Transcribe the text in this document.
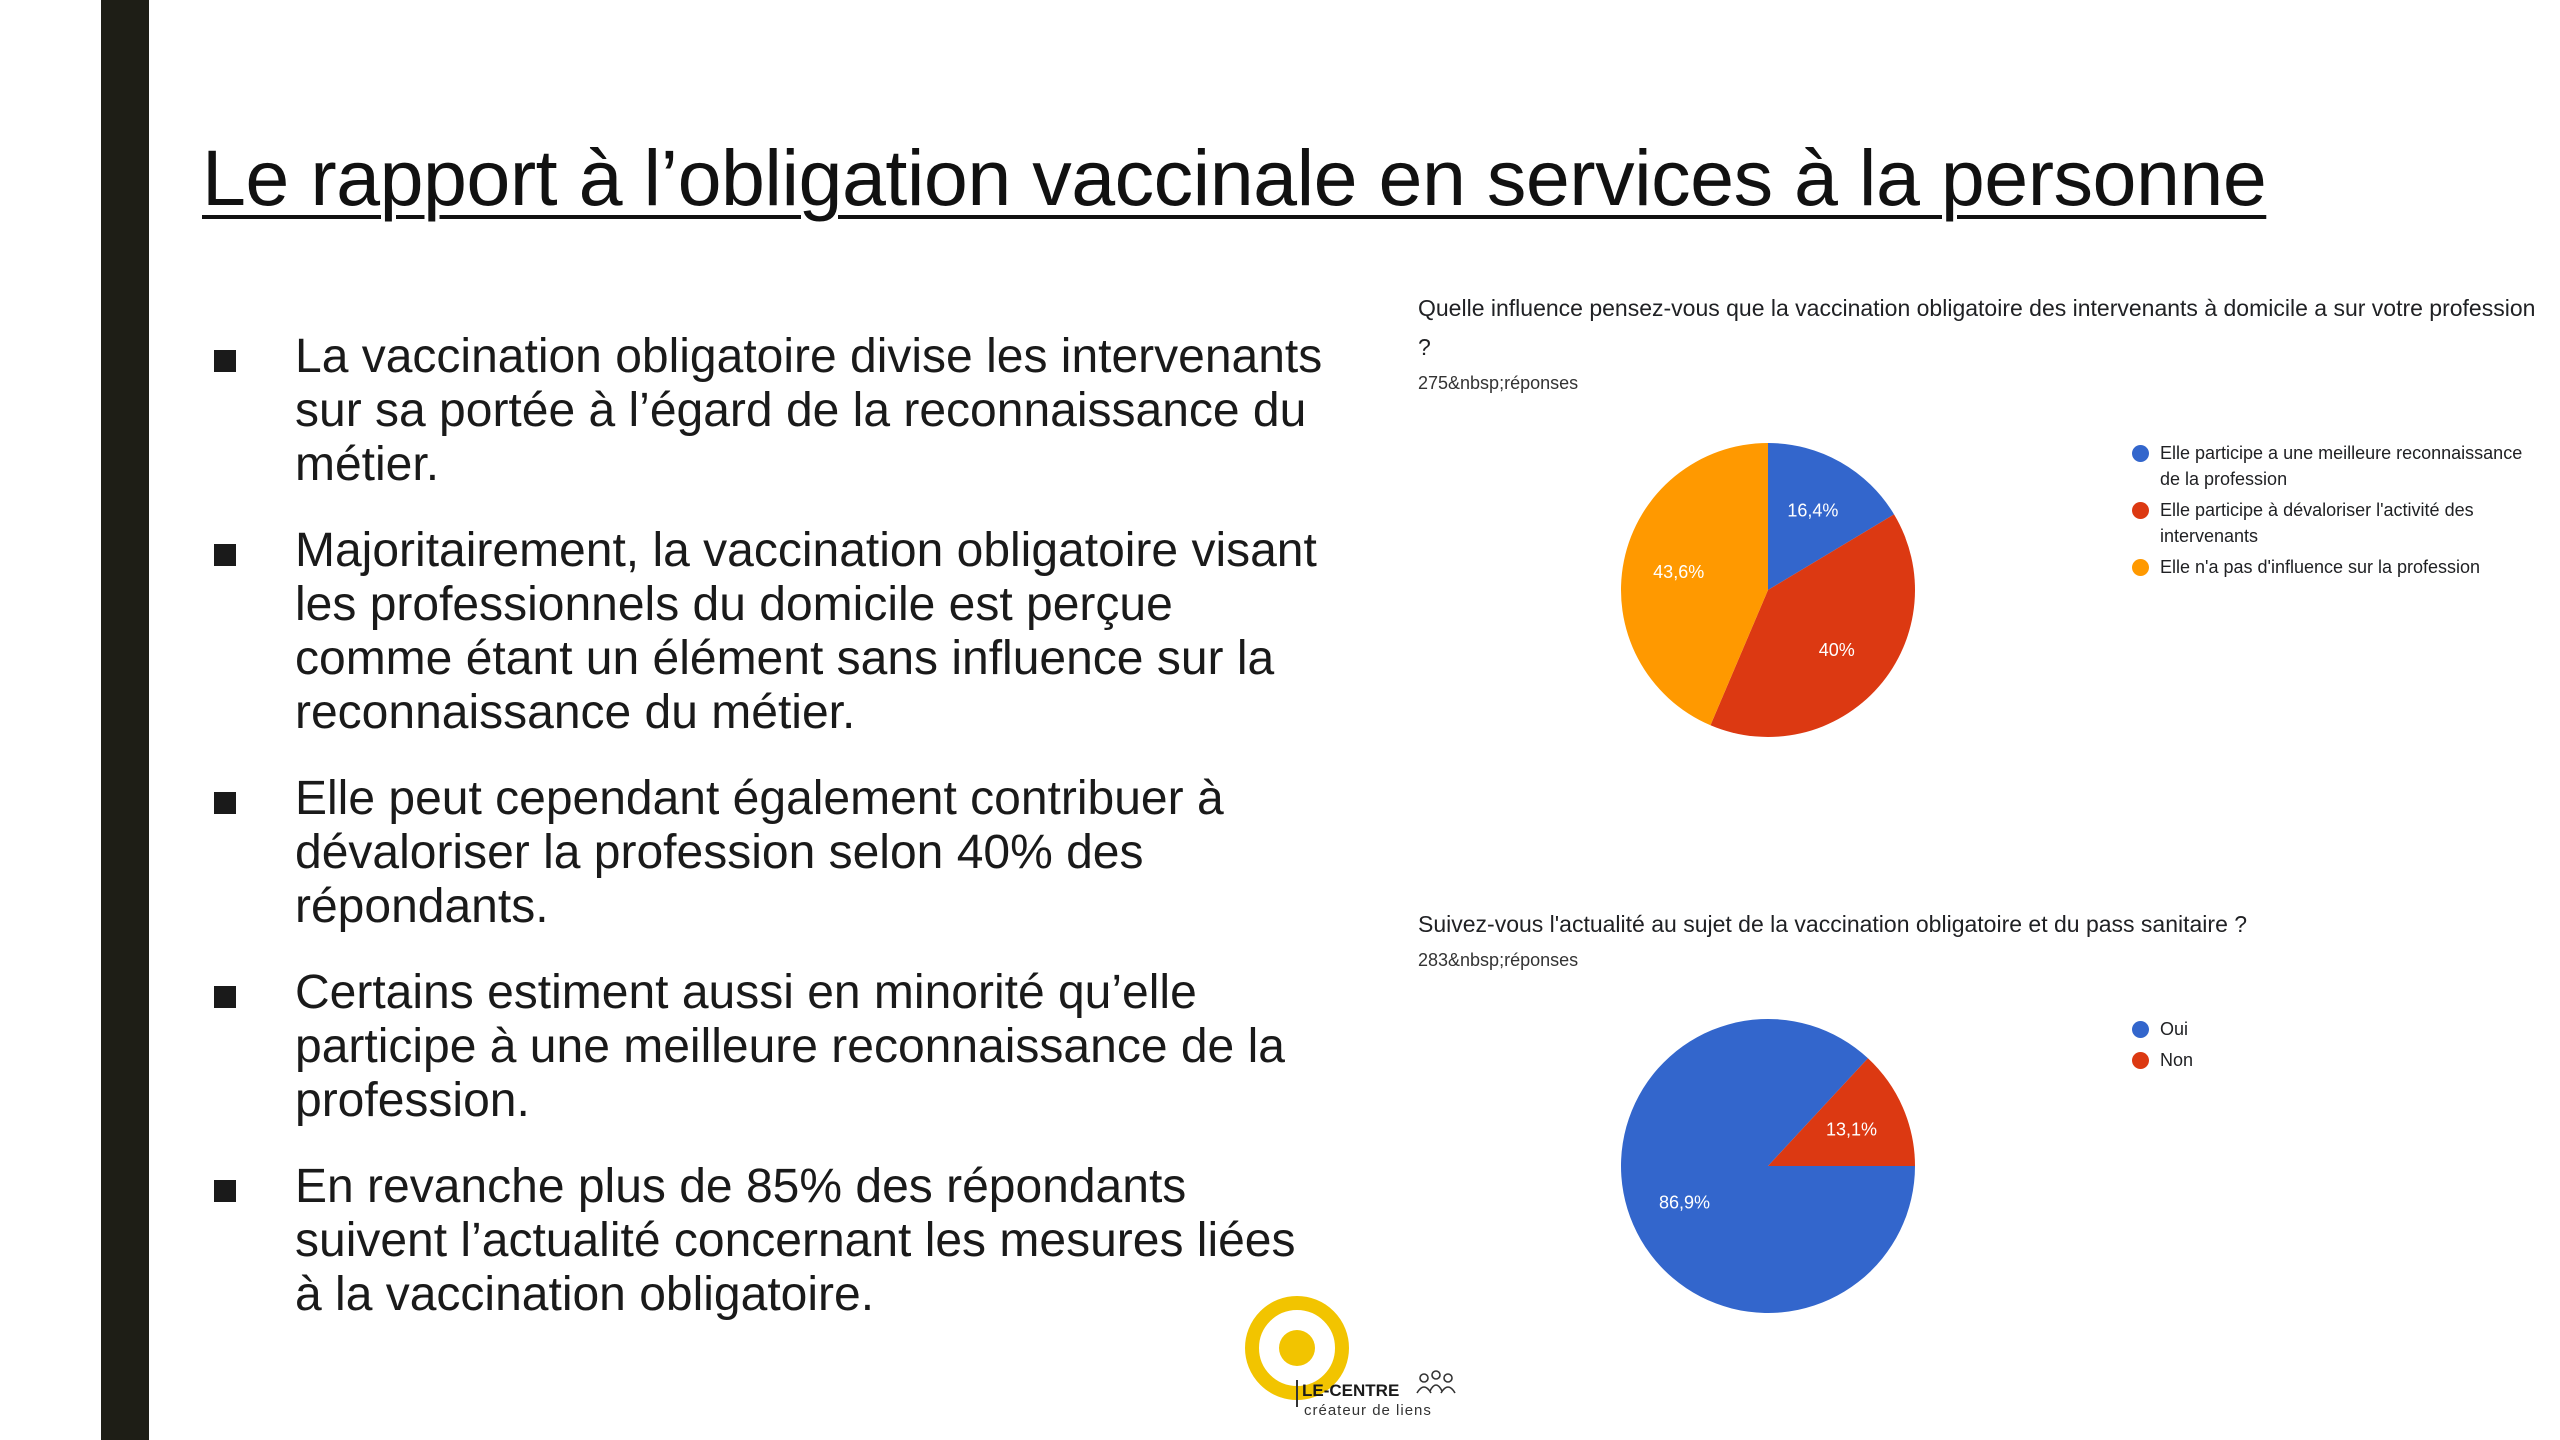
Le rapport à l’obligation vaccinale en services à la personne
La vaccination obligatoire divise les intervenants sur sa portée à l’égard de la reconnaissance du métier.
Majoritairement, la vaccination obligatoire visant les professionnels du domicile est perçue comme étant un élément sans influence sur la reconnaissance du métier.
Elle peut cependant également contribuer à dévaloriser la profession selon 40% des répondants.
Certains estiment aussi en minorité qu’elle participe à une meilleure reconnaissance de la profession.
En revanche plus de 85% des répondants suivent l’actualité concernant les mesures liées à la vaccination obligatoire.

Quelle influence pensez-vous que la vaccination obligatoire des intervenants à domicile a sur votre profession ?

275&nbsp;réponses
16,4%
40%
43,6%
Elle participe a une meilleure reconnaissance de la profession
Elle participe à dévaloriser l'activité des intervenants
Elle n'a pas d'influence sur la profession

Suivez-vous l'actualité au sujet de la vaccination obligatoire et du pass sanitaire ?

283&nbsp;réponses
86,9%
13,1%
Oui
Non
LE-CENTRE
créateur de liens
